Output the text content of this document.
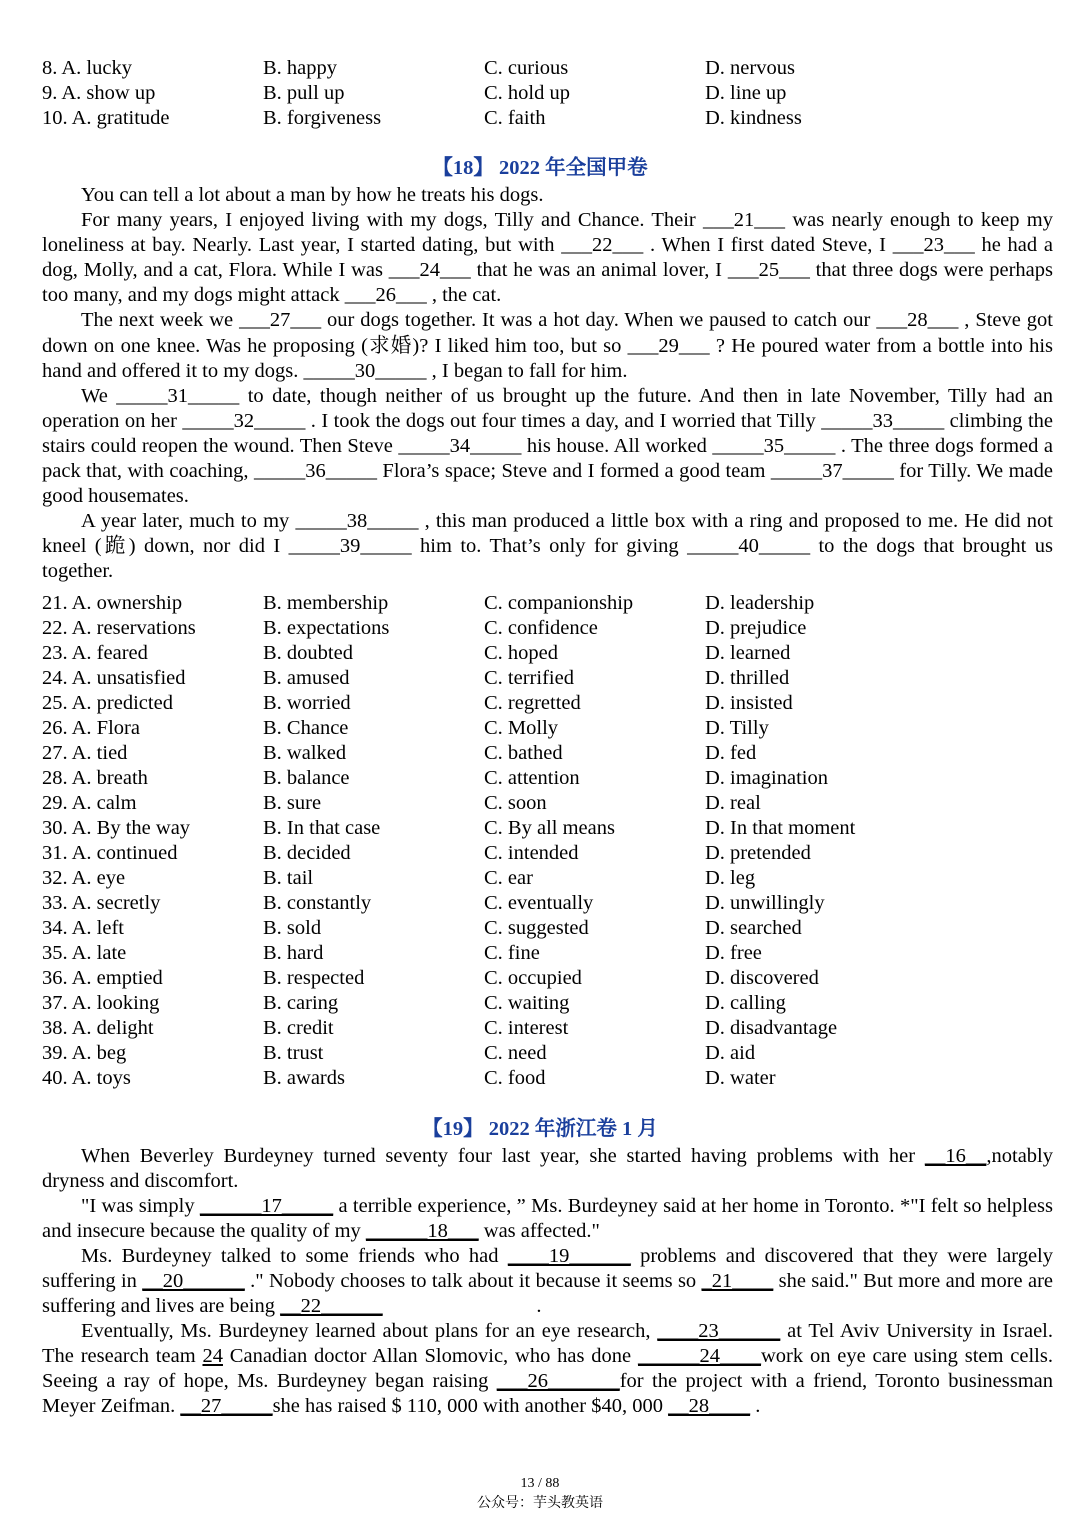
8. A. lucky	B. happy	C. curious	D. nervous
9. A. show up	B. pull up	C. hold up	D. line up
10. A. gratitude	B. forgiveness	C. faith	D. kindness
【18】 2022 年全国甲卷

You can tell a lot about a man by how he treats his dogs.

For many years, I enjoyed living with my dogs, Tilly and Chance. Their ___21___ was nearly enough to keep my loneliness at bay. Nearly. Last year, I started dating, but with ___22___ . When I first dated Steve, I ___23___ he had a dog, Molly, and a cat, Flora. While I was ___24___ that he was an animal lover, I ___25___ that three dogs were perhaps too many, and my dogs might attack ___26___ , the cat.

The next week we ___27___ our dogs together. It was a hot day. When we paused to catch our ___28___ , Steve got down on one knee. Was he proposing (求婚)? I liked him too, but so ___29___ ? He poured water from a bottle into his hand and offered it to my dogs. _____30_____ , I began to fall for him.

We _____31_____ to date, though neither of us brought up the future. And then in late November, Tilly had an operation on her _____32_____ . I took the dogs out four times a day, and I worried that Tilly _____33_____ climbing the stairs could reopen the wound. Then Steve _____34_____ his house. All worked _____35_____ . The three dogs formed a pack that, with coaching, _____36_____ Flora’s space; Steve and I formed a good team _____37_____ for Tilly. We made good housemates.

A year later, much to my _____38_____ , this man produced a little box with a ring and proposed to me. He did not kneel (跪) down, nor did I _____39_____ him to. That’s only for giving _____40_____ to the dogs that brought us together.

21. A. ownership	B. membership	C. companionship	D. leadership
22. A. reservations	B. expectations	C. confidence	D. prejudice
23. A. feared	B. doubted	C. hoped	D. learned
24. A. unsatisfied	B. amused	C. terrified	D. thrilled
25. A. predicted	B. worried	C. regretted	D. insisted
26. A. Flora	B. Chance	C. Molly	D. Tilly
27. A. tied	B. walked	C. bathed	D. fed
28. A. breath	B. balance	C. attention	D. imagination
29. A. calm	B. sure	C. soon	D. real
30. A. By the way	B. In that case	C. By all means	D. In that moment
31. A. continued	B. decided	C. intended	D. pretended
32. A. eye	B. tail	C. ear	D. leg
33. A. secretly	B. constantly	C. eventually	D. unwillingly
34. A. left	B. sold	C. suggested	D. searched
35. A. late	B. hard	C. fine	D. free
36. A. emptied	B. respected	C. occupied	D. discovered
37. A. looking	B. caring	C. waiting	D. calling
38. A. delight	B. credit	C. interest	D. disadvantage
39. A. beg	B. trust	C. need	D. aid
40. A. toys	B. awards	C. food	D. water
【19】 2022 年浙江卷 1 月

When Beverley Burdeyney turned seventy four last year, she started having problems with her __16__,notably dryness and discomfort.

"I was simply ______17_____ a terrible experience, ” Ms. Burdeyney said at her home in Toronto. *"I felt so helpless and insecure because the quality of my ______18___ was affected."

Ms. Burdeyney talked to some friends who had ____19______ problems and discovered that they were largely suffering in __20______ ." Nobody chooses to talk about it because it seems so _21____ she said." But more and more are suffering and lives are being __22______                              .

Eventually, Ms. Burdeyney learned about plans for an eye research, ____23______ at Tel Aviv University in Israel. The research team 24 Canadian doctor Allan Slomovic, who has done ______24____work on eye care using stem cells. Seeing a ray of hope, Ms. Burdeyney began raising ___26_______for the project with a friend, Toronto businessman Meyer Zeifman. __27_____she has raised $ 110, 000 with another $40, 000 __28____ .

13 / 88
公众号：芋头教英语
